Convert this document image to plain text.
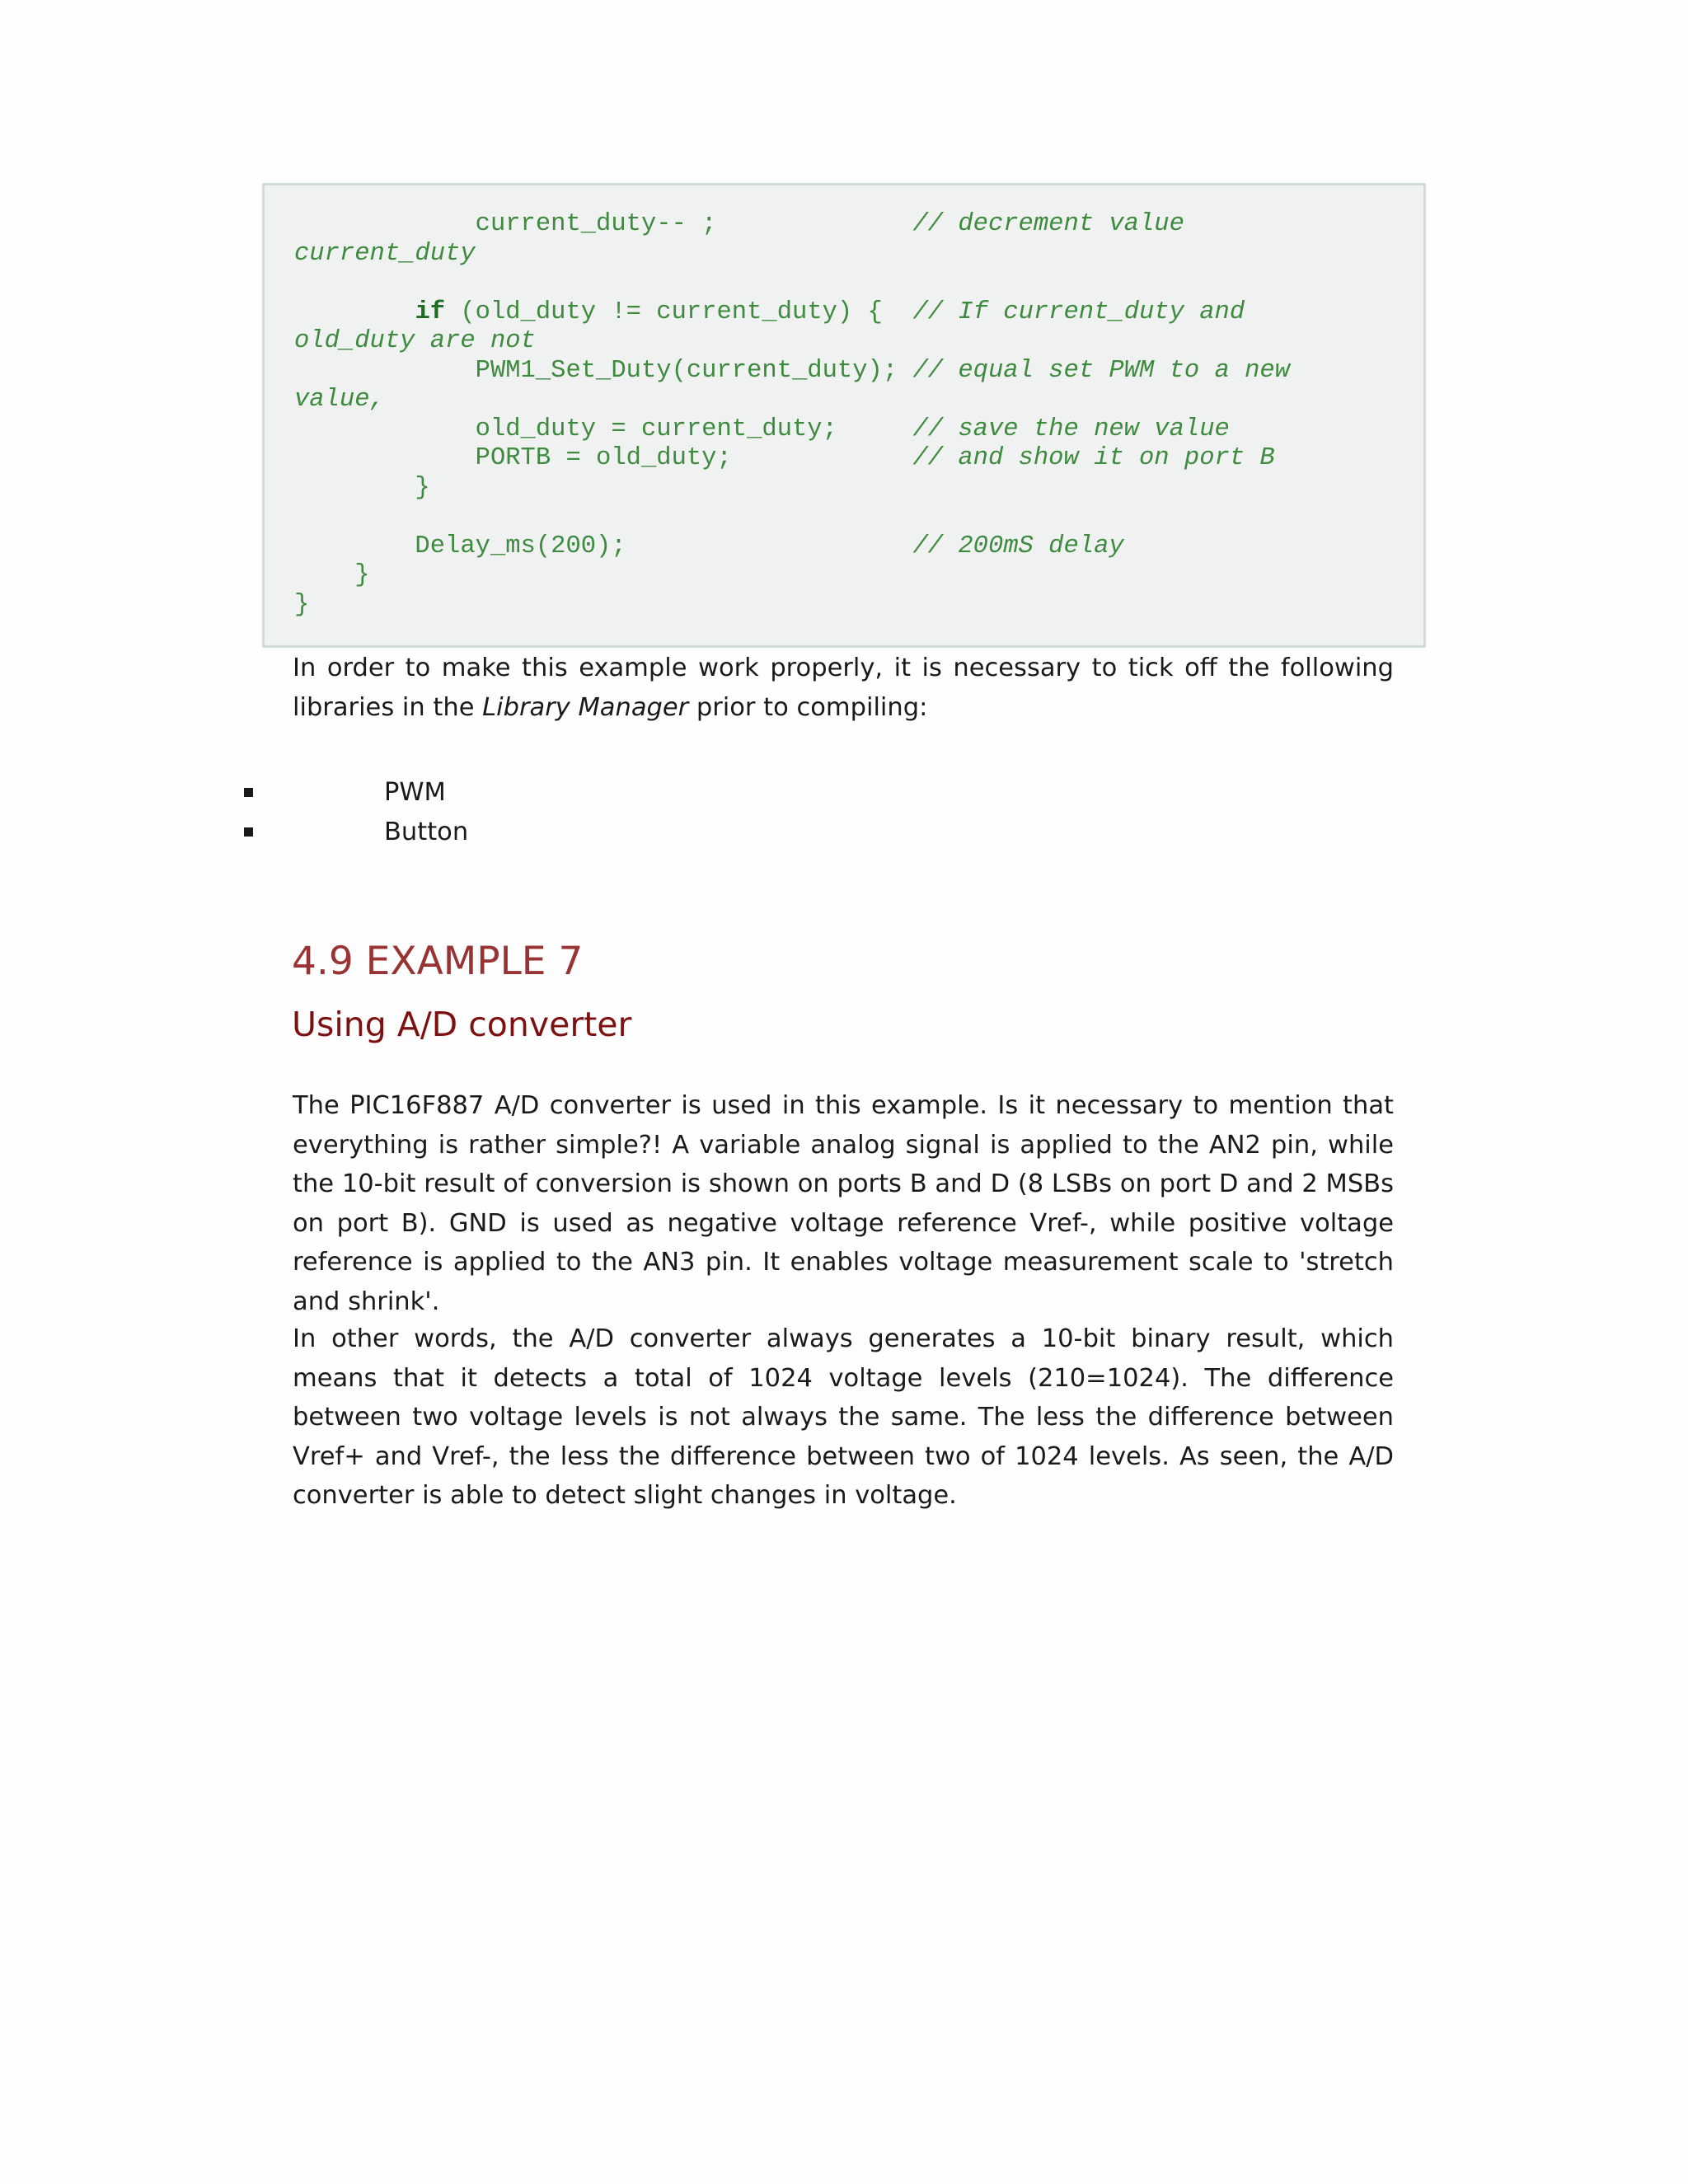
current_duty-- ;             // decrement value
current_duty

if (old_duty != current_duty) {  // If current_duty and
old_duty are not
PWM1_Set_Duty(current_duty); // equal set PWM to a new
value,
old_duty = current_duty;     // save the new value
PORTB = old_duty;            // and show it on port B
}

Delay_ms(200);                   // 200mS delay
}
}

In order to make this example work properly, it is necessary to tick off the following libraries in the Library Manager prior to compiling:

PWM
Button
4.9 EXAMPLE 7
Using A/D converter

The PIC16F887 A/D converter is used in this example. Is it necessary to mention that everything is rather simple?! A variable analog signal is applied to the AN2 pin, while the 10-bit result of conversion is shown on ports B and D (8 LSBs on port D and 2 MSBs on port B). GND is used as negative voltage reference Vref-, while positive voltage reference is applied to the AN3 pin. It enables voltage measurement scale to 'stretch and shrink'.

In other words, the A/D converter always generates a 10-bit binary result, which means that it detects a total of 1024 voltage levels (210=1024). The difference between two voltage levels is not always the same. The less the difference between Vref+ and Vref-, the less the difference between two of 1024 levels. As seen, the A/D converter is able to detect slight changes in voltage.
